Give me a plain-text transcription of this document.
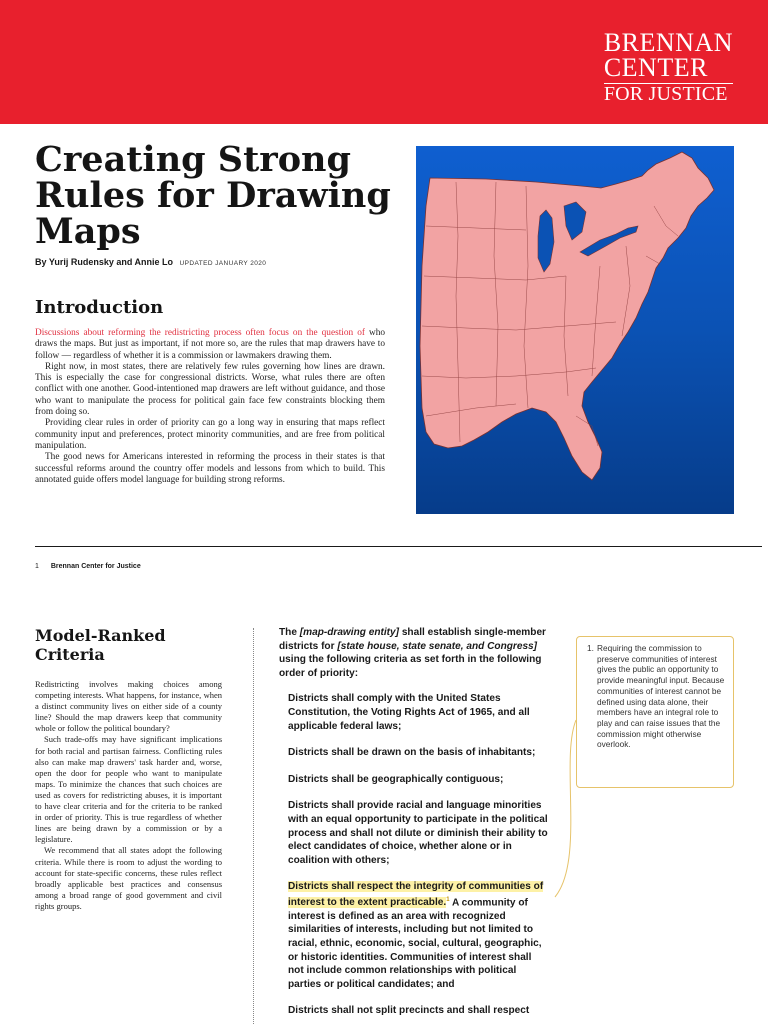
BRENNAN
CENTER
FOR JUSTICE
Creating Strong Rules for Drawing Maps
By Yurij Rudensky and Annie Lo UPDATED JANUARY 2020
Introduction

Discussions about reforming the redistricting process often focus on the question of who draws the maps. But just as important, if not more so, are the rules that map drawers have to follow — regardless of whether it is a commission or lawmakers drawing them.

Right now, in most states, there are relatively few rules governing how lines are drawn. This is especially the case for congressional districts. Worse, what rules there are often conflict with one another. Good-intentioned map drawers are left without guidance, and those who want to manipulate the process for political gain face few constraints blocking them from doing so.

Providing clear rules in order of priority can go a long way in ensuring that maps reflect community input and preferences, protect minority communities, and are free from political manipulation.

The good news for Americans interested in reforming the process in their states is that successful reforms around the country offer models and lessons from which to build. This annotated guide offers model language for building strong reforms.

1 Brennan Center for Justice
Model-Ranked Criteria

Redistricting involves making choices among competing interests. What happens, for instance, when a distinct community lives on either side of a county line? Should the map drawers keep that community whole or follow the political boundary?

Such trade-offs may have significant implications for both racial and partisan fairness. Conflicting rules also can make map drawers' task harder and, worse, open the door for people who want to manipulate maps. To minimize the chances that such choices are used as covers for redistricting abuses, it is important to have clear criteria and for the criteria to be ranked in order of priority. This is true regardless of whether lines are being drawn by a commission or by a legislature.

We recommend that all states adopt the following criteria. While there is room to adjust the wording to account for state-specific concerns, these rules reflect broadly applicable best practices and consensus among a broad range of good government and civil rights groups.

The [map-drawing entity] shall establish single-member districts for [state house, state senate, and Congress] using the following criteria as set forth in the following order of priority:

Districts shall comply with the United States Constitution, the Voting Rights Act of 1965, and all applicable federal laws;

Districts shall be drawn on the basis of inhabitants;

Districts shall be geographically contiguous;

Districts shall provide racial and language minorities with an equal opportunity to participate in the political process and shall not dilute or diminish their ability to elect candidates of choice, whether alone or in coalition with others;

Districts shall respect the integrity of communities of interest to the extent practicable.$^1$ A community of interest is defined as an area with recognized similarities of interests, including but not limited to racial, ethnic, economic, social, cultural, geographic, or historic identities. Communities of interest shall not include common relationships with political parties or political candidates; and

Districts shall not split precincts and shall respect

1. Requiring the commission to preserve communities of interest gives the public an opportunity to provide meaningful input. Because communities of interest cannot be defined using data alone, their members have an integral role to play and can raise issues that the commission might otherwise overlook.
